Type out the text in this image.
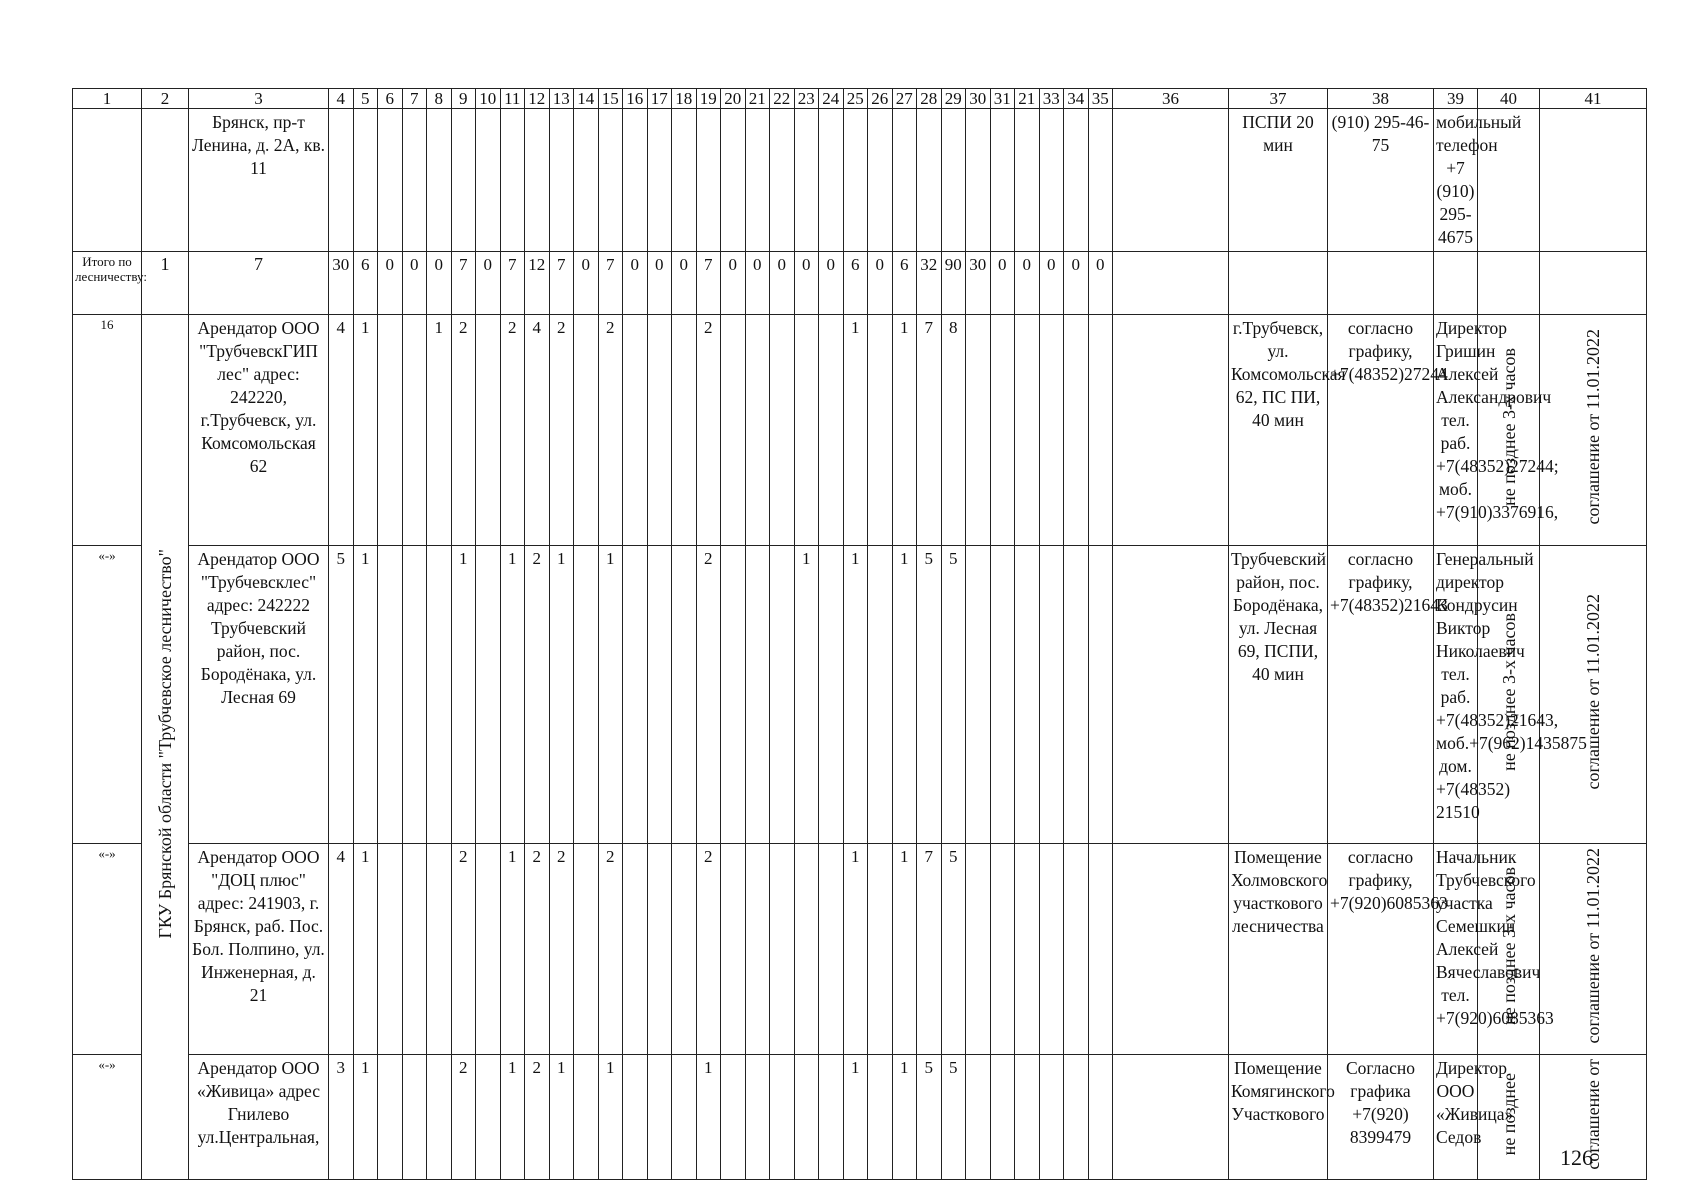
1	2	3	4	5	6	7	8	9	10	11	12	13	14	15	16	17	18	19	20	21	22	23	24	25	26	27	28	29	30	31	21	33	34	35	36	37	38	39	40	41
		Брянск, пр-т Ленина, д. 2А, кв. 11																																		ПСПИ 20 мин	(910) 295-46-75	мобильный телефон +7 (910) 295-4675		
Итого по лесничеству:	1	7	30	6	0	0	0	7	0	7	12	7	0	7	0	0	0	7	0	0	0	0	0	6	0	6	32	90	30	0	0	0	0	0						
16	ГКУ Брянской области "Трубчевское лесничество"	Арендатор ООО "ТрубчевскГИП лес" адрес: 242220, г.Трубчевск, ул. Комсомольская 62	4	1			1	2		2	4	2		2				2						1		1	7	8								г.Трубчевск, ул. Комсомольская 62, ПС ПИ, 40 мин	согласно графику, +7(48352)27244	Директор Гришин Алексей Александрович тел. раб. +7(48352)27244; моб. +7(910)3376916,	не позднее 3-х часов	соглашение от 11.01.2022
«-»		Арендатор ООО "Трубчевсклес" адрес: 242222 Трубчевский район, пос. Бородёнака, ул. Лесная 69	5	1				1		1	2	1		1				2				1		1		1	5	5								Трубчевский район, пос. Бородёнака, ул. Лесная 69, ПСПИ, 40 мин	согласно графику, +7(48352)21643	Генеральный директор Кондрусин Виктор Николаевич тел. раб. +7(48352)21643, моб.+7(962)1435875 дом. +7(48352) 21510	не позднее 3-х часов	соглашение от 11.01.2022
«-»		Арендатор ООО "ДОЦ плюс" адрес: 241903, г. Брянск, раб. Пос. Бол. Полпино, ул. Инженерная, д. 21	4	1				2		1	2	2		2				2						1		1	7	5								Помещение Холмовского участкового лесничества	согласно графику, +7(920)6085363	Начальник Трубчевского участка Семешкин Алексей Вячеславович тел. +7(920)6085363	не позднее 3-х часов	соглашение от 11.01.2022
«-»		Арендатор ООО «Живица» адрес Гнилево ул.Центральная,	3	1				2		1	2	1		1				1						1		1	5	5								Помещение Комягинского Участкового	Согласно графика +7(920) 8399479	Директор ООО «Живица» Седов	не позднее	соглашение от
126
